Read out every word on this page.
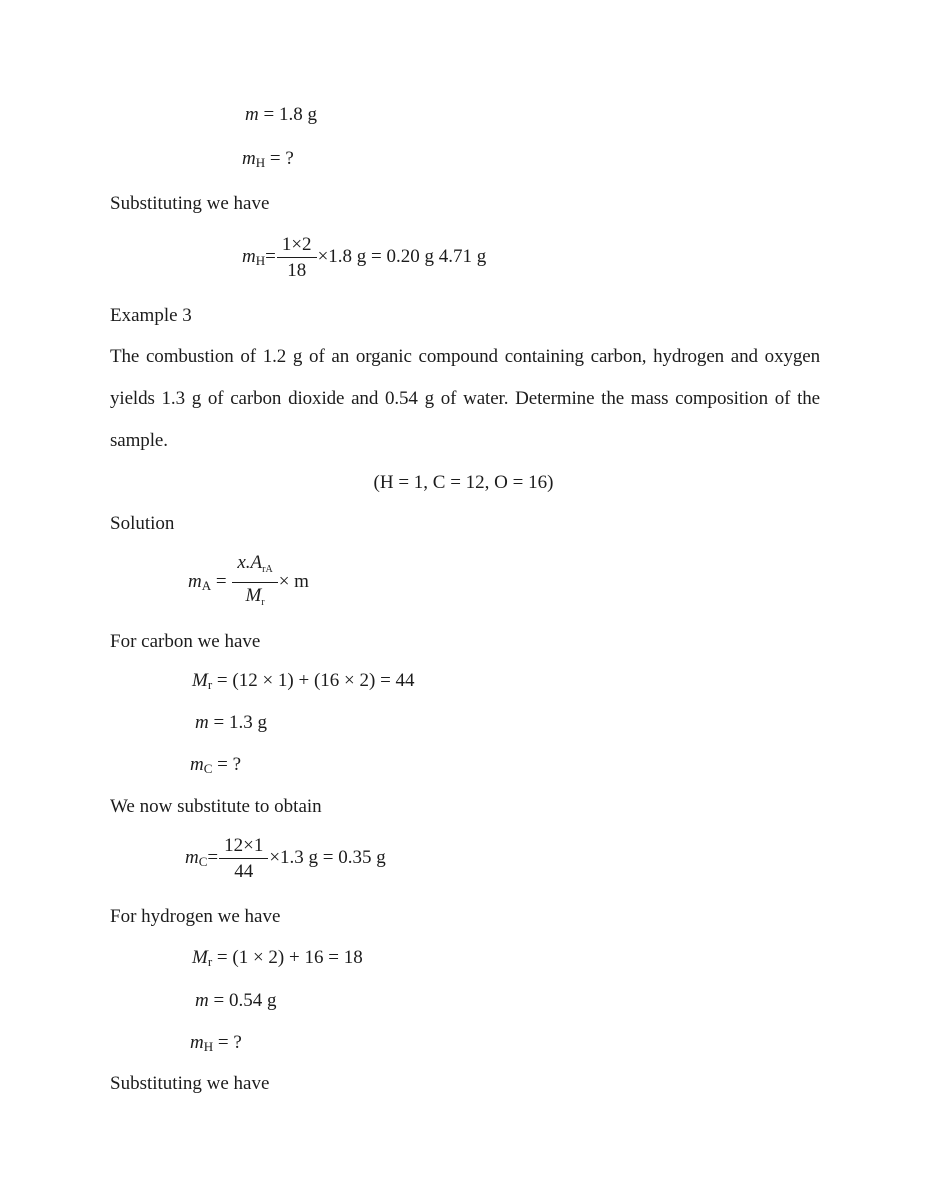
m = 1.8 g
$m_H$ = ?
Substituting we have
$m_H= \frac{1\times 2}{18} \times 1.8$ g = 0.20 g 4.71 g
Example 3
The combustion of 1.2 g of an organic compound containing carbon, hydrogen and oxygen
yields 1.3 g of carbon dioxide and 0.54 g of water. Determine the mass composition of the
sample.
(H = 1, C = 12, O = 16)
Solution
$m_A = \frac{x.A_{rA}}{M_r} \times m$
For carbon we have
$M_r = (12 \times 1) + (16 \times 2) = 44$
m = 1.3 g
$m_C$ = ?
We now substitute to obtain
$m_C= \frac{12\times 1}{44} \times 1.3$ g = 0.35 g
For hydrogen we have
$M_r = (1 \times 2) + 16 = 18$
m = 0.54 g
$m_H$ = ?
Substituting we have
